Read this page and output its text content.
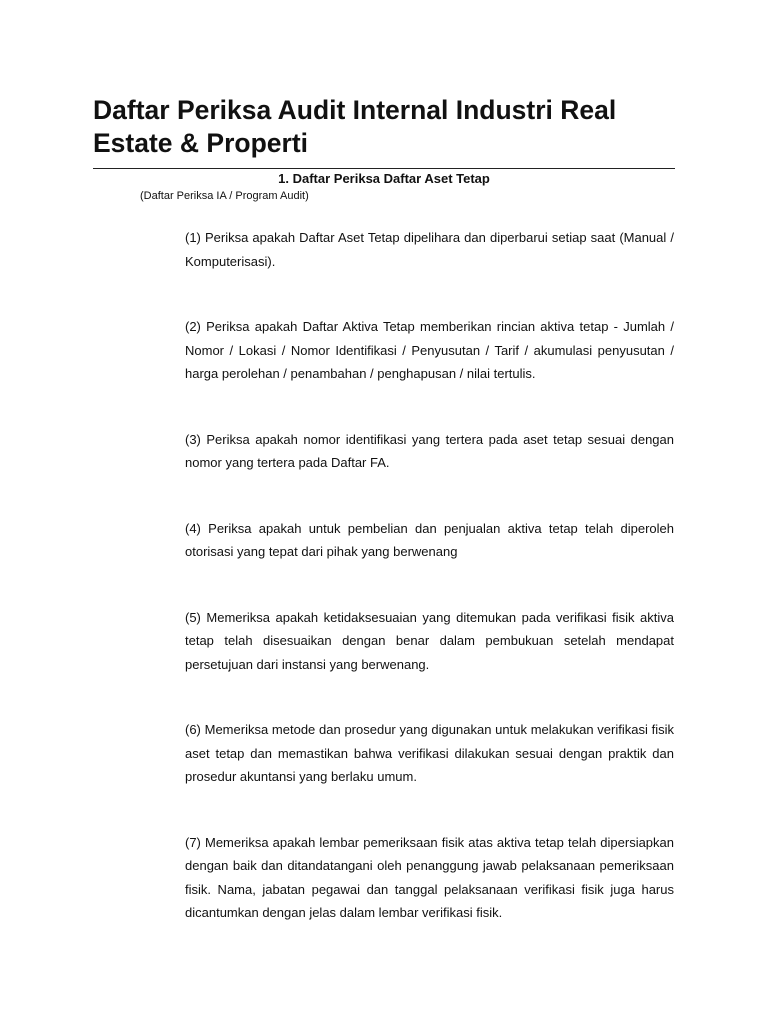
Daftar Periksa Audit Internal Industri Real Estate & Properti
1. Daftar Periksa Daftar Aset Tetap

(Daftar Periksa IA / Program Audit)

(1) Periksa apakah Daftar Aset Tetap dipelihara dan diperbarui setiap saat (Manual / Komputerisasi).
(2) Periksa apakah Daftar Aktiva Tetap memberikan rincian aktiva tetap - Jumlah / Nomor / Lokasi / Nomor Identifikasi / Penyusutan / Tarif / akumulasi penyusutan / harga perolehan / penambahan / penghapusan / nilai tertulis.
(3) Periksa apakah nomor identifikasi yang tertera pada aset tetap sesuai dengan nomor yang tertera pada Daftar FA.
(4) Periksa apakah untuk pembelian dan penjualan aktiva tetap telah diperoleh otorisasi yang tepat dari pihak yang berwenang
(5) Memeriksa apakah ketidaksesuaian yang ditemukan pada verifikasi fisik aktiva tetap telah disesuaikan dengan benar dalam pembukuan setelah mendapat persetujuan dari instansi yang berwenang.
(6) Memeriksa metode dan prosedur yang digunakan untuk melakukan verifikasi fisik aset tetap dan memastikan bahwa verifikasi dilakukan sesuai dengan praktik dan prosedur akuntansi yang berlaku umum.
(7) Memeriksa apakah lembar pemeriksaan fisik atas aktiva tetap telah dipersiapkan dengan baik dan ditandatangani oleh penanggung jawab pelaksanaan pemeriksaan fisik. Nama, jabatan pegawai dan tanggal pelaksanaan verifikasi fisik juga harus dicantumkan dengan jelas dalam lembar verifikasi fisik.
